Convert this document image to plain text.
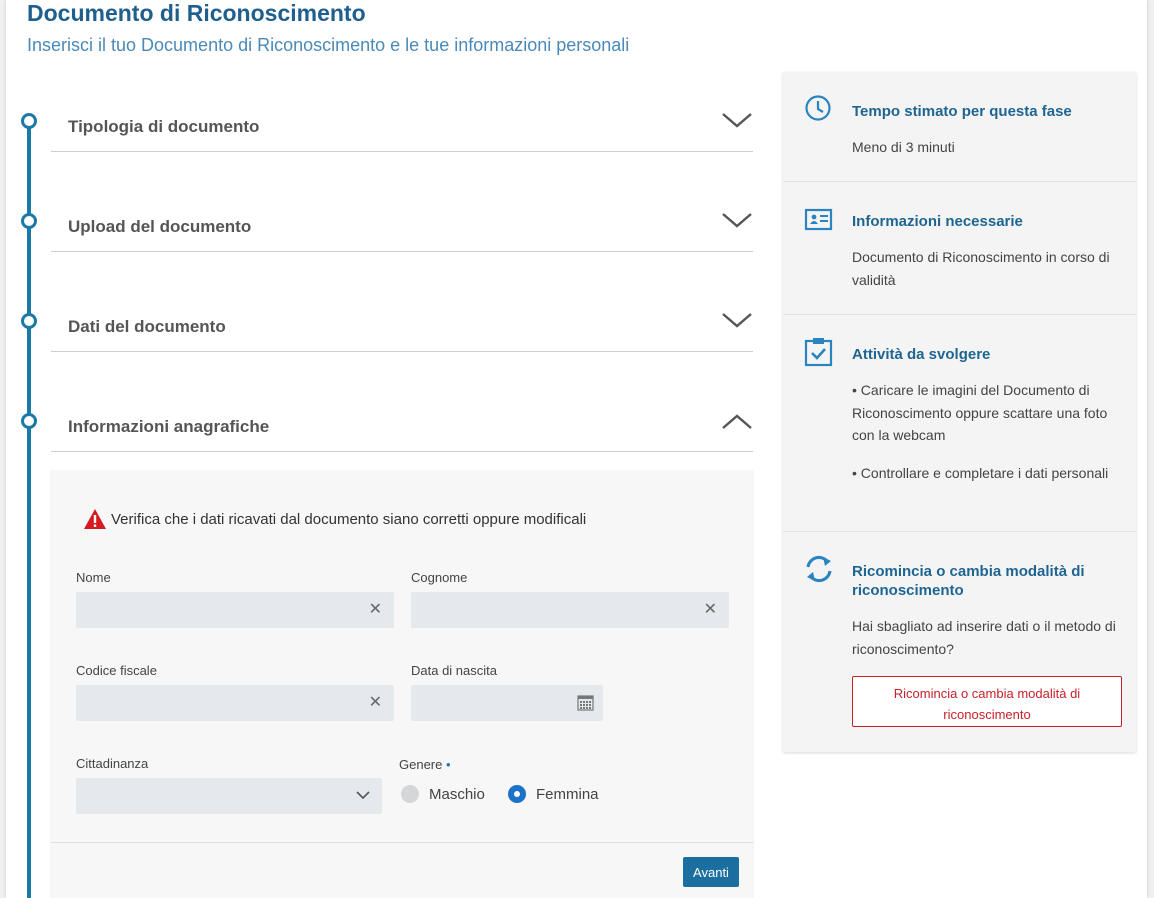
Documento di Riconoscimento
Inserisci il tuo Documento di Riconoscimento e le tue informazioni personali
Tipologia di documento
Upload del documento
Dati del documento
Informazioni anagrafiche
Verifica che i dati ricavati dal documento siano corretti oppure modificali
Nome
✕
Cognome
✕
Codice fiscale
✕
Data di nascita
Cittadinanza	Genere •
Maschio	Femmina
Avanti
Tempo stimato per questa fase
Meno di 3 minuti
Informazioni necessarie
Documento di Riconoscimento in corso di validità
Attività da svolgere
• Caricare le imagini del Documento di Riconoscimento oppure scattare una foto con la webcam
• Controllare e completare i dati personali
Ricomincia o cambia modalità di riconoscimento
Hai sbagliato ad inserire dati o il metodo di riconoscimento?
Ricomincia o cambia modalità di riconoscimento
